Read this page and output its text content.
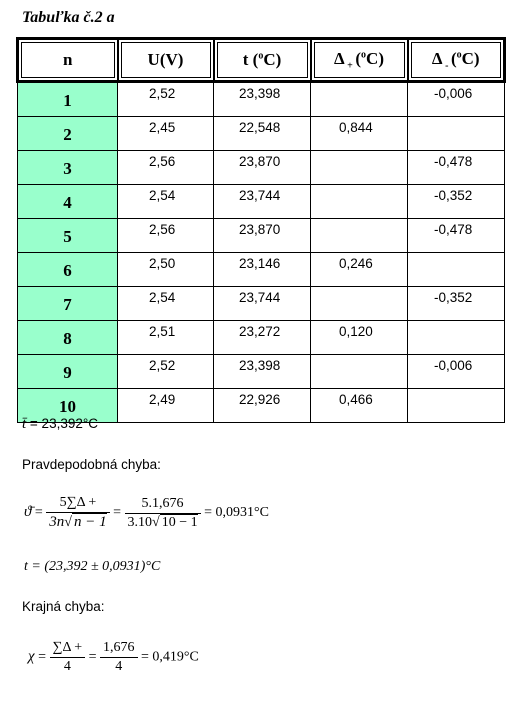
Tabuľka č.2 a
n	U(V)	t ($^o$C)	Δ $_+$ ($^o$C)	Δ $_-$ ($^o$C)
1	2,52	23,398		-0,006
2	2,45	22,548	0,844	
3	2,56	23,870		-0,478
4	2,54	23,744		-0,352
5	2,56	23,870		-0,478
6	2,50	23,146	0,246	
7	2,54	23,744		-0,352
8	2,51	23,272	0,120	
9	2,52	23,398		-0,006
10	2,49	22,926	0,466	
t̄ = 23,392°C
Pravdepodobná chyba:
ϑ̄ = $\frac{5\sum\Delta +}{3n√ n - 1} = \frac{5.1,676}{3.10√ 10 - 1} = 0,0931^\circ C$
t = (23,392 ± 0,0931)°C
Krajná chyba:
$\chi = \frac{\sum\Delta +}{4} = \frac{1,676}{4} = 0,419^\circ C$
